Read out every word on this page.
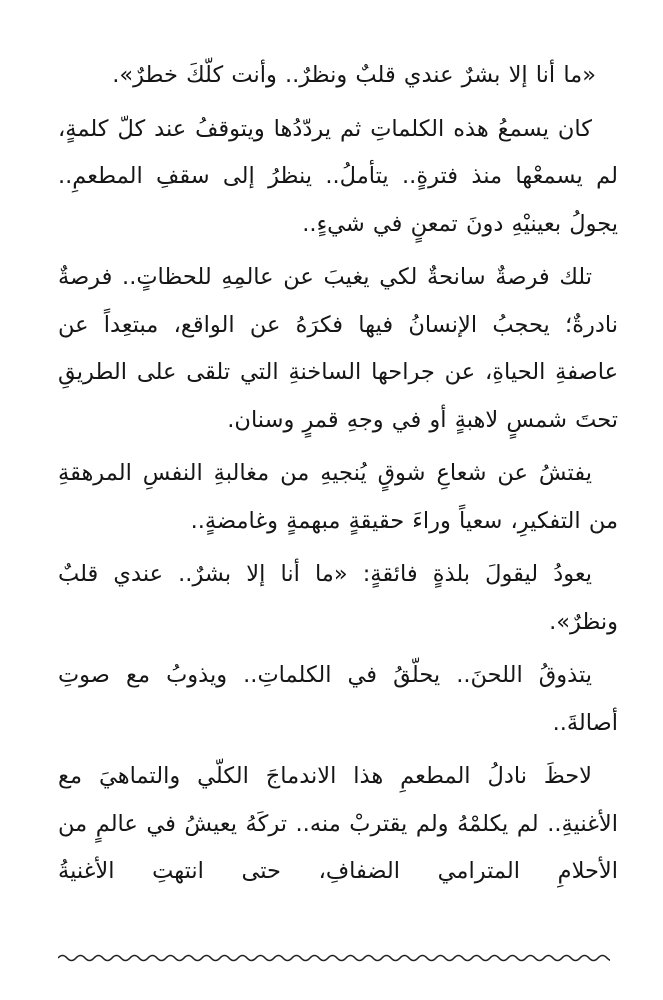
«ما أنا إلا بشرٌ عندي قلبٌ ونظرٌ.. وأنت كلّكَ خطرٌ».

كان يسمعُ هذه الكلماتِ ثم يردّدُها ويتوقفُ عند كلّ كلمةٍ، لم يسمعْها منذ فترةٍ.. يتأملُ.. ينظرُ إلى سقفِ المطعمِ.. يجولُ بعينيْهِ دونَ تمعنٍ في شيءٍ..

تلك فرصةٌ سانحةٌ لكي يغيبَ عن عالمِهِ للحظاتٍ.. فرصةٌ نادرةٌ؛ يحجبُ الإنسانُ فيها فكرَهُ عن الواقع، مبتعِداً عن عاصفةِ الحياةِ، عن جراحها الساخنةِ التي تلقى على الطريقِ تحتَ شمسٍ لاهبةٍ أو في وجهِ قمرٍ وسنان.

يفتشُ عن شعاعِ شوقٍ يُنجيهِ من مغالبةِ النفسِ المرهقةِ من التفكيرِ، سعياً وراءَ حقيقةٍ مبهمةٍ وغامضةٍ..

يعودُ ليقولَ بلذةٍ فائقةٍ: «ما أنا إلا بشرٌ.. عندي قلبٌ ونظرٌ».

يتذوقُ اللحنَ.. يحلّقُ في الكلماتِ.. ويذوبُ مع صوتِ أصالةَ..

لاحظَ نادلُ المطعمِ هذا الاندماجَ الكلّي والتماهيَ مع الأغنيةِ.. لم يكلمْهُ ولم يقتربْ منه.. تركَهُ يعيشُ في عالمٍ من الأحلامِ المترامي الضفافِ، حتى انتهتِ الأغنيةُ
